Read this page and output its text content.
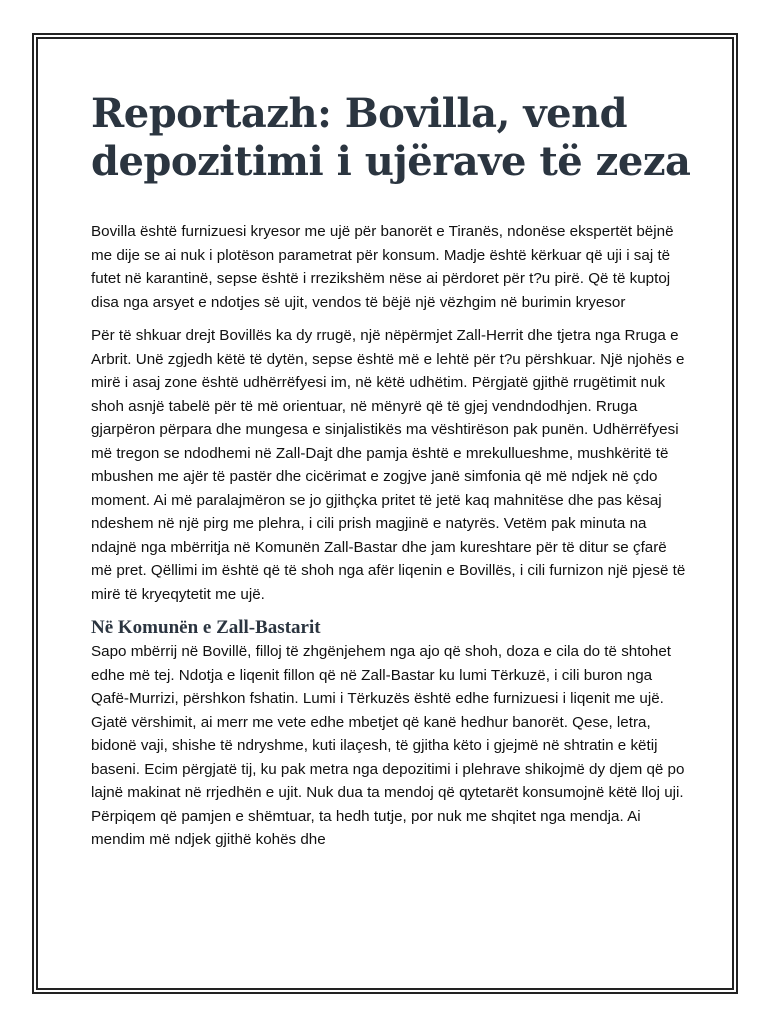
Reportazh: Bovilla, vend depozitimi i ujërave të zeza

Bovilla është furnizuesi kryesor me ujë për banorët e Tiranës, ndonëse ekspertët bëjnë me dije se ai nuk i plotëson parametrat për konsum. Madje është kërkuar që uji i saj të futet në karantinë, sepse është i rrezikshëm nëse ai përdoret për t?u pirë. Që të kuptoj disa nga arsyet e ndotjes së ujit, vendos të bëjë një vëzhgim në burimin kryesor

Për të shkuar drejt Bovillës ka dy rrugë, një nëpërmjet Zall-Herrit dhe tjetra nga Rruga e Arbrit. Unë zgjedh këtë të dytën, sepse është më e lehtë për t?u përshkuar. Një njohës e mirë i asaj zone është udhërrëfyesi im, në këtë udhëtim. Përgjatë gjithë rrugëtimit nuk shoh asnjë tabelë për të më orientuar, në mënyrë që të gjej vendndodhjen. Rruga gjarpëron përpara dhe mungesa e sinjalistikës ma vështirëson pak punën. Udhërrëfyesi më tregon se ndodhemi në Zall-Dajt dhe pamja është e mrekullueshme, mushkëritë të mbushen me ajër të pastër dhe cicërimat e zogjve janë simfonia që më ndjek në çdo moment. Ai më paralajmëron se jo gjithçka pritet të jetë kaq mahnitëse dhe pas kësaj ndeshem në një pirg me plehra, i cili prish magjinë e natyrës. Vetëm pak minuta na ndajnë nga mbërritja në Komunën Zall-Bastar dhe jam kureshtare për të ditur se çfarë më pret. Qëllimi im është që të shoh nga afër liqenin e Bovillës, i cili furnizon një pjesë të mirë të kryeqytetit me ujë.

Në Komunën e Zall-Bastarit

Sapo mbërrij në Bovillë, filloj të zhgënjehem nga ajo që shoh, doza e cila do të shtohet edhe më tej. Ndotja e liqenit fillon që në Zall-Bastar ku lumi Tërkuzë, i cili buron nga Qafë-Murrizi, përshkon fshatin. Lumi i Tërkuzës është edhe furnizuesi i liqenit me ujë. Gjatë vërshimit, ai merr me vete edhe mbetjet që kanë hedhur banorët. Qese, letra, bidonë vaji, shishe të ndryshme, kuti ilaçesh, të gjitha këto i gjejmë në shtratin e këtij baseni. Ecim përgjatë tij, ku pak metra nga depozitimi i plehrave shikojmë dy djem që po lajnë makinat në rrjedhën e ujit. Nuk dua ta mendoj që qytetarët konsumojnë këtë lloj uji. Përpiqem që pamjen e shëmtuar, ta hedh tutje, por nuk me shqitet nga mendja. Ai mendim më ndjek gjithë kohës dhe
